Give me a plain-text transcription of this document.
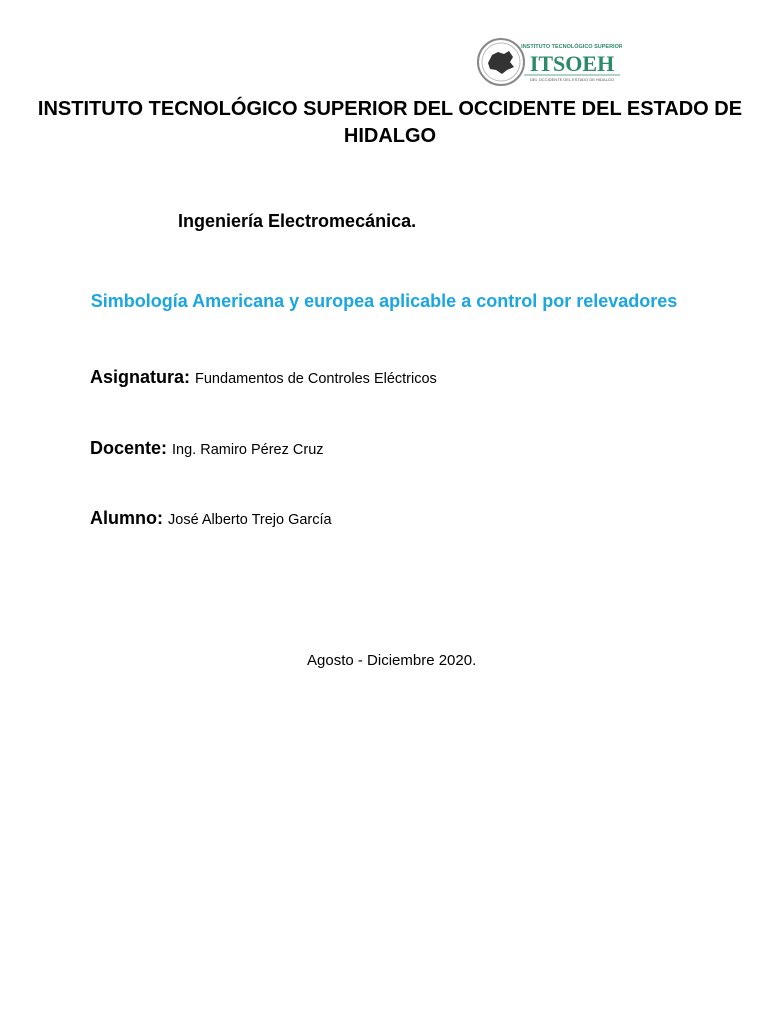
INSTITUTO TECNOLÓGICO SUPERIOR
ITSOEH
DEL OCCIDENTE DEL ESTADO DE HIDALGO
INSTITUTO TECNOLÓGICO SUPERIOR DEL OCCIDENTE DEL ESTADO DE HIDALGO

Ingeniería Electromecánica.

Simbología Americana y europea aplicable a control por relevadores

Asignatura: Fundamentos de Controles Eléctricos
Docente: Ing. Ramiro Pérez Cruz
Alumno: José Alberto Trejo García

Agosto - Diciembre 2020.
